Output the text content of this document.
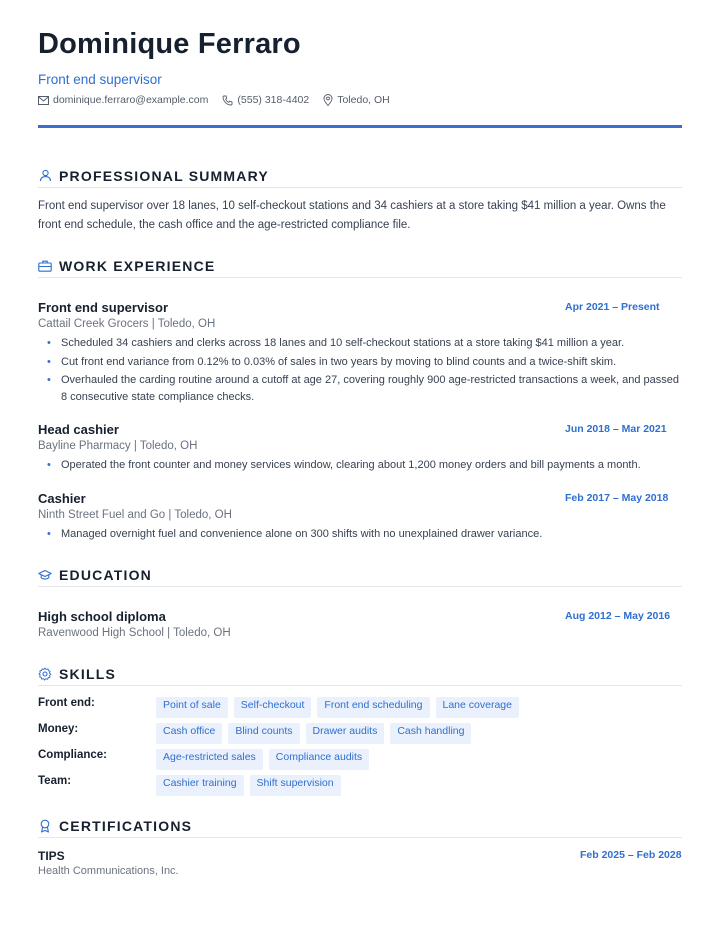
Dominique Ferraro
Front end supervisor
dominique.ferraro@example.com	(555) 318-4402	Toledo, OH
PROFESSIONAL SUMMARY
Front end supervisor over 18 lanes, 10 self-checkout stations and 34 cashiers at a store taking $41 million a year. Owns the front end schedule, the cash office and the age-restricted compliance file.
WORK EXPERIENCE
Front end supervisor	Apr 2021 – Present
Cattail Creek Grocers | Toledo, OH
• Scheduled 34 cashiers and clerks across 18 lanes and 10 self-checkout stations at a store taking $41 million a year.
• Cut front end variance from 0.12% to 0.03% of sales in two years by moving to blind counts and a twice-shift skim.
• Overhauled the carding routine around a cutoff at age 27, covering roughly 900 age-restricted transactions a week, and passed 8 consecutive state compliance checks.
Head cashier	Jun 2018 – Mar 2021
Bayline Pharmacy | Toledo, OH
• Operated the front counter and money services window, clearing about 1,200 money orders and bill payments a month.
Cashier	Feb 2017 – May 2018
Ninth Street Fuel and Go | Toledo, OH
• Managed overnight fuel and convenience alone on 300 shifts with no unexplained drawer variance.
EDUCATION
High school diploma	Aug 2012 – May 2016
Ravenwood High School | Toledo, OH
SKILLS
Front end:	Point of sale	Self-checkout	Front end scheduling	Lane coverage
Money:	Cash office	Blind counts	Drawer audits	Cash handling
Compliance:	Age-restricted sales	Compliance audits
Team:	Cashier training	Shift supervision
CERTIFICATIONS
TIPS	Feb 2025 – Feb 2028
Health Communications, Inc.
